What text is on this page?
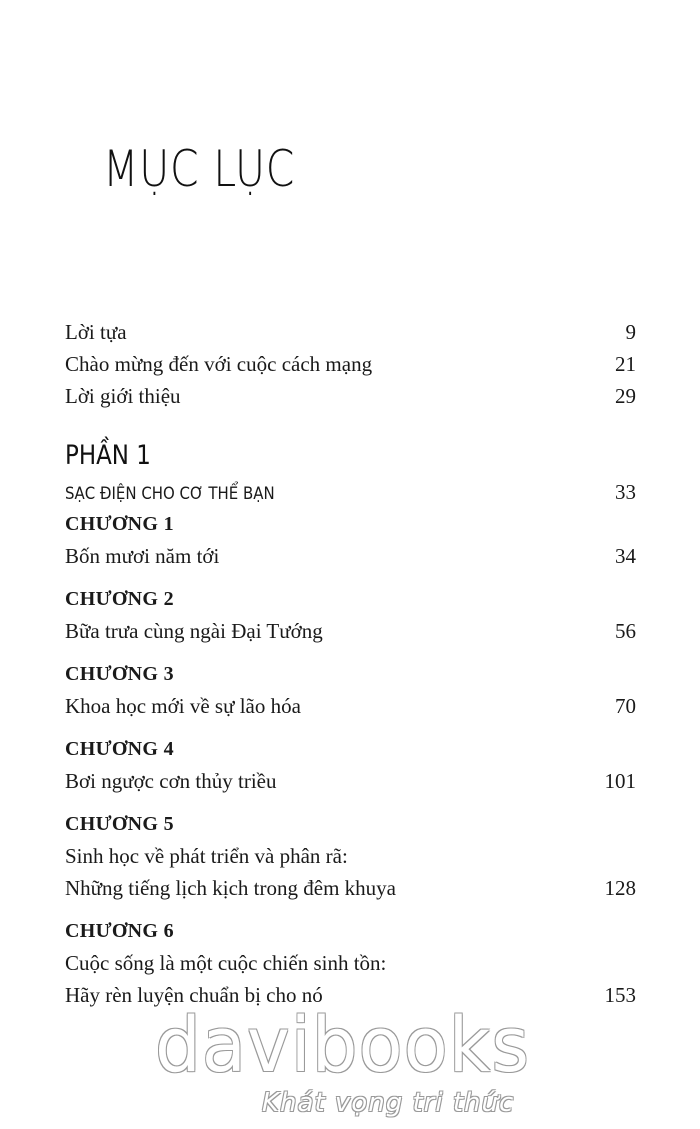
MỤC LỤC
Lời tựa	9
Chào mừng đến với cuộc cách mạng	21
Lời giới thiệu	29
PHẦN 1
SẠC ĐIỆN CHO CƠ THỂ BẠN	33
CHƯƠNG 1
Bốn mươi năm tới	34
CHƯƠNG 2
Bữa trưa cùng ngài Đại Tướng	56
CHƯƠNG 3
Khoa học mới về sự lão hóa	70
CHƯƠNG 4
Bơi ngược cơn thủy triều	101
CHƯƠNG 5
Sinh học về phát triển và phân rã:
Những tiếng lịch kịch trong đêm khuya	128
CHƯƠNG 6
Cuộc sống là một cuộc chiến sinh tồn:
Hãy rèn luyện chuẩn bị cho nó	153
davibooks
Khát vọng tri thức
